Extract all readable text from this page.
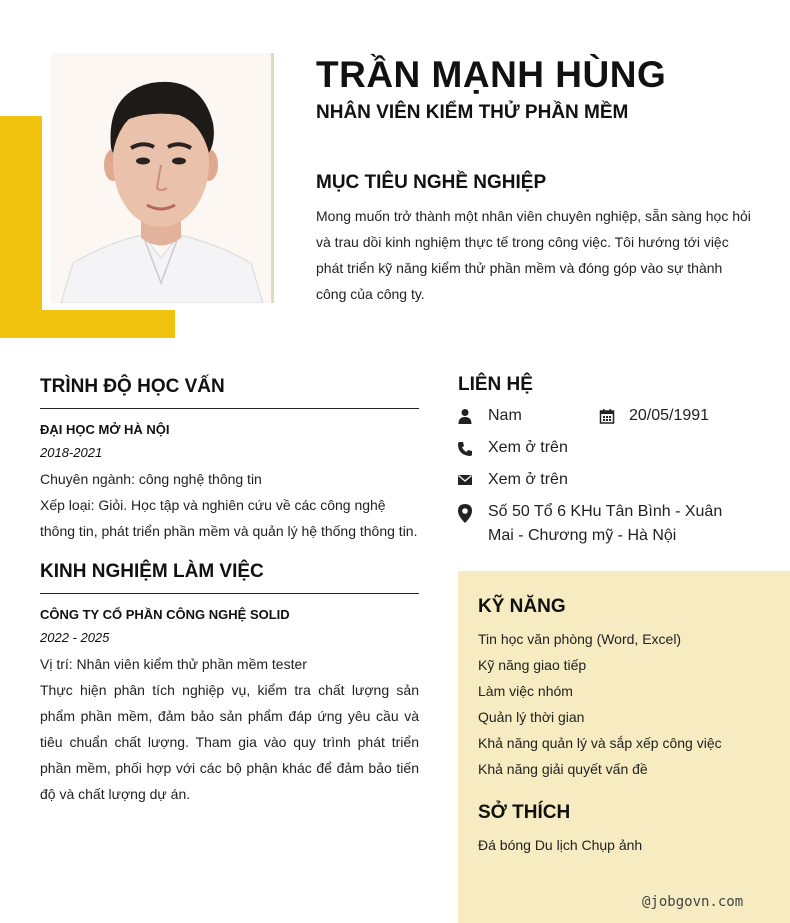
TRẦN MẠNH HÙNG
NHÂN VIÊN KIỂM THỬ PHẦN MỀM
MỤC TIÊU NGHỀ NGHIỆP
Mong muốn trở thành một nhân viên chuyên nghiệp, sẵn sàng học hỏi và trau dồi kinh nghiệm thực tế trong công việc. Tôi hướng tới việc phát triển kỹ năng kiểm thử phần mềm và đóng góp vào sự thành công của công ty.
TRÌNH ĐỘ HỌC VẤN
ĐẠI HỌC MỞ HÀ NỘI
2018-2021
Chuyên ngành: công nghệ thông tin
Xếp loại: Giỏi. Học tập và nghiên cứu về các công nghệ thông tin, phát triển phần mềm và quản lý hệ thống thông tin.
KINH NGHIỆM LÀM VIỆC
CÔNG TY CỔ PHẦN CÔNG NGHỆ SOLID
2022 - 2025
Vị trí: Nhân viên kiểm thử phần mềm tester
Thực hiện phân tích nghiệp vụ, kiểm tra chất lượng sản phẩm phần mềm, đảm bảo sản phẩm đáp ứng yêu cầu và tiêu chuẩn chất lượng. Tham gia vào quy trình phát triển phần mềm, phối hợp với các bộ phận khác để đảm bảo tiến độ và chất lượng dự án.
LIÊN HỆ
Nam	20/05/1991
Xem ở trên
Xem ở trên
Số 50 Tổ 6 KHu Tân Bình - Xuân Mai - Chương mỹ - Hà Nội
KỸ NĂNG
Tin học văn phòng (Word, Excel)
Kỹ năng giao tiếp
Làm việc nhóm
Quản lý thời gian
Khả năng quản lý và sắp xếp công việc
Khả năng giải quyết vấn đề
SỞ THÍCH
Đá bóng Du lịch Chụp ảnh
@jobgovn.com
